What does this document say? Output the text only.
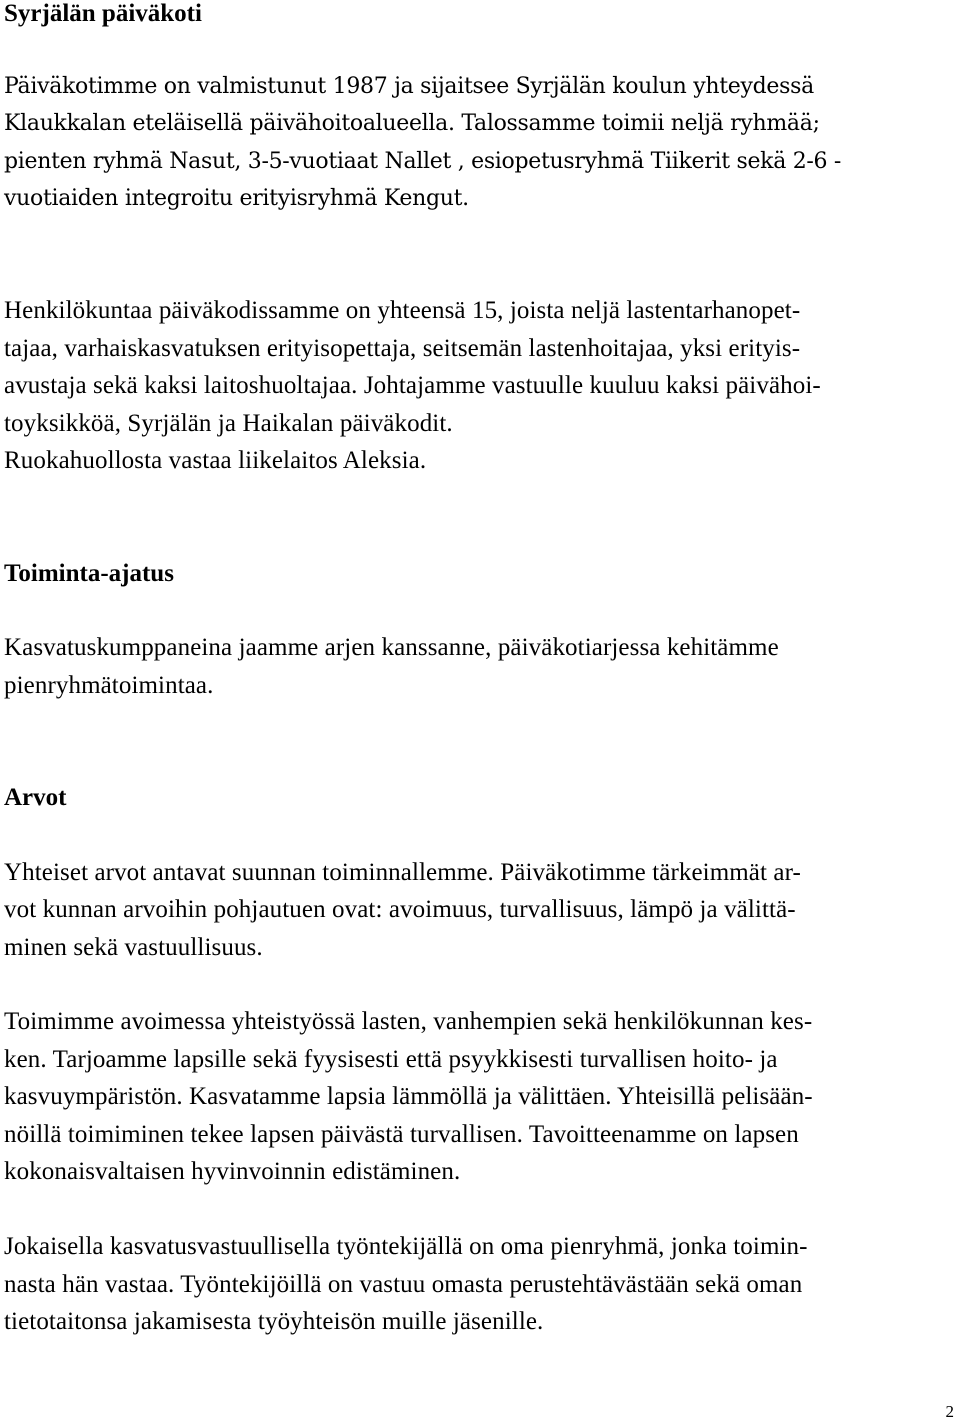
Syrjälän päiväkoti
Päiväkotimme on valmistunut 1987 ja sijaitsee Syrjälän koulun yhteydessä
Klaukkalan eteläisellä päivähoitoalueella. Talossamme toimii neljä ryhmää;
pienten ryhmä Nasut, 3-5-vuotiaat Nallet , esiopetusryhmä Tiikerit sekä 2-6 -
vuotiaiden integroitu erityisryhmä Kengut.
Henkilökuntaa päiväkodissamme on yhteensä 15, joista neljä lastentarhanopet-
tajaa, varhaiskasvatuksen erityisopettaja, seitsemän lastenhoitajaa, yksi erityis-
avustaja sekä kaksi laitoshuoltajaa. Johtajamme vastuulle kuuluu kaksi päivähoi-
toyksikköä, Syrjälän ja Haikalan päiväkodit.
Ruokahuollosta vastaa liikelaitos Aleksia.
Toiminta-ajatus
Kasvatuskumppaneina jaamme arjen kanssanne, päiväkotiarjessa kehitämme
pienryhmätoimintaa.
Arvot
Yhteiset arvot antavat suunnan toiminnallemme. Päiväkotimme tärkeimmät ar-
vot kunnan arvoihin pohjautuen ovat: avoimuus, turvallisuus, lämpö ja välittä-
minen sekä vastuullisuus.
Toimimme avoimessa yhteistyössä lasten, vanhempien sekä henkilökunnan kes-
ken. Tarjoamme lapsille sekä fyysisesti että psyykkisesti turvallisen hoito- ja
kasvuympäristön. Kasvatamme lapsia lämmöllä ja välittäen. Yhteisillä pelisään-
nöillä toimiminen tekee lapsen päivästä turvallisen. Tavoitteenamme on lapsen
kokonaisvaltaisen hyvinvoinnin edistäminen.
Jokaisella kasvatusvastuullisella työntekijällä on oma pienryhmä, jonka toimin-
nasta hän vastaa. Työntekijöillä on vastuu omasta perustehtävästään sekä oman
tietotaitonsa jakamisesta työyhteisön muille jäsenille.
2
